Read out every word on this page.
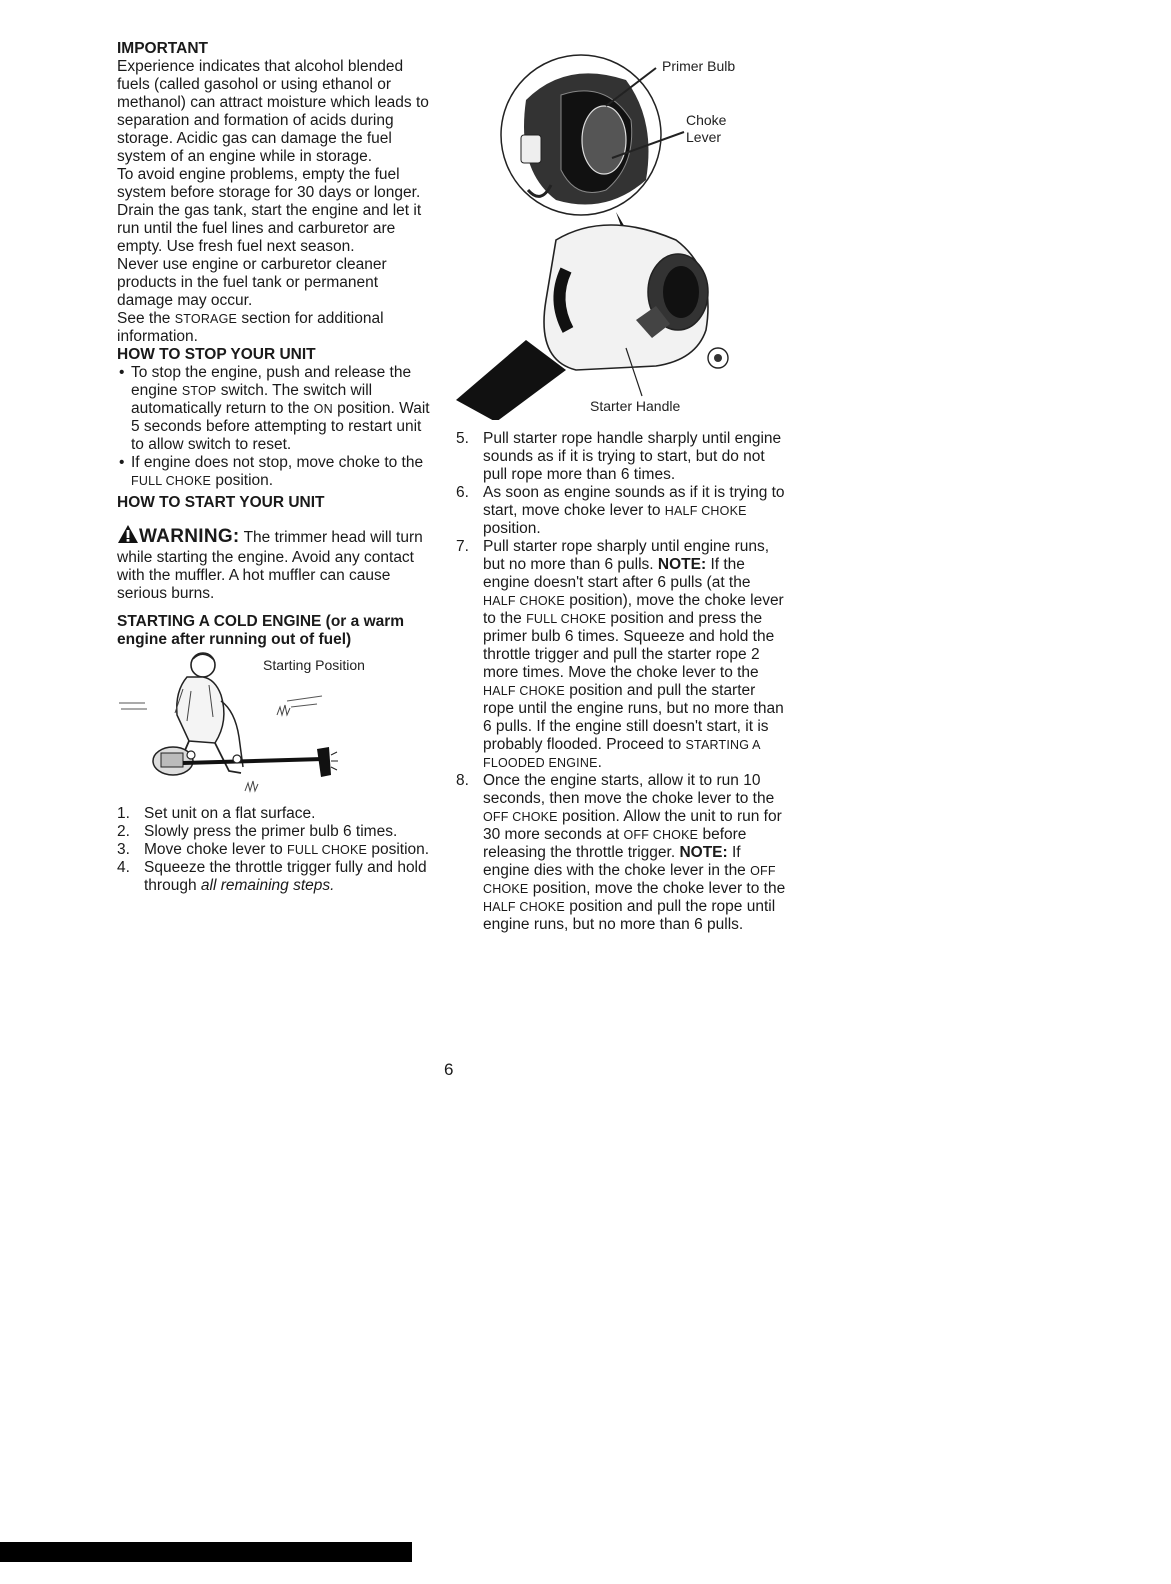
IMPORTANT

Experience indicates that alcohol blended fuels (called gasohol or using ethanol or methanol) can attract moisture which leads to separation and formation of acids during storage. Acidic gas can damage the fuel system of an engine while in storage.

To avoid engine problems, empty the fuel system before storage for 30 days or longer. Drain the gas tank, start the engine and let it run until the fuel lines and carburetor are empty. Use fresh fuel next season.

Never use engine or carburetor cleaner products in the fuel tank or permanent damage may occur.

See the STORAGE section for additional information.

HOW TO STOP YOUR UNIT

• To stop the engine, push and release the engine STOP switch. The switch will automatically return to the ON position. Wait 5 seconds before attempting to restart unit to allow switch to reset.
• If engine does not stop, move choke to the FULL CHOKE position.

HOW TO START YOUR UNIT

WARNING: The trimmer head will turn while starting the engine. Avoid any contact with the muffler. A hot muffler can cause serious burns.

STARTING A COLD ENGINE (or a warm engine after running out of fuel)

Starting Position
1. Set unit on a flat surface.
2. Slowly press the primer bulb 6 times.
3. Move choke lever to FULL CHOKE position.
4. Squeeze the throttle trigger fully and hold through all remaining steps.
Primer Bulb
Choke
Lever
Starter Handle
5. Pull starter rope handle sharply until engine sounds as if it is trying to start, but do not pull rope more than 6 times.
6. As soon as engine sounds as if it is trying to start, move choke lever to HALF CHOKE position.
7. Pull starter rope sharply until engine runs, but no more than 6 pulls. NOTE: If the engine doesn't start after 6 pulls (at the HALF CHOKE position), move the choke lever to the FULL CHOKE position and press the primer bulb 6 times. Squeeze and hold the throttle trigger and pull the starter rope 2 more times. Move the choke lever to the HALF CHOKE position and pull the starter rope until the engine runs, but no more than 6 pulls. If the engine still doesn't start, it is probably flooded. Proceed to STARTING A FLOODED ENGINE.
8. Once the engine starts, allow it to run 10 seconds, then move the choke lever to the OFF CHOKE position. Allow the unit to run for 30 more seconds at OFF CHOKE before releasing the throttle trigger. NOTE: If engine dies with the choke lever in the OFF CHOKE position, move the choke lever to the HALF CHOKE position and pull the rope until engine runs, but no more than 6 pulls.
6
